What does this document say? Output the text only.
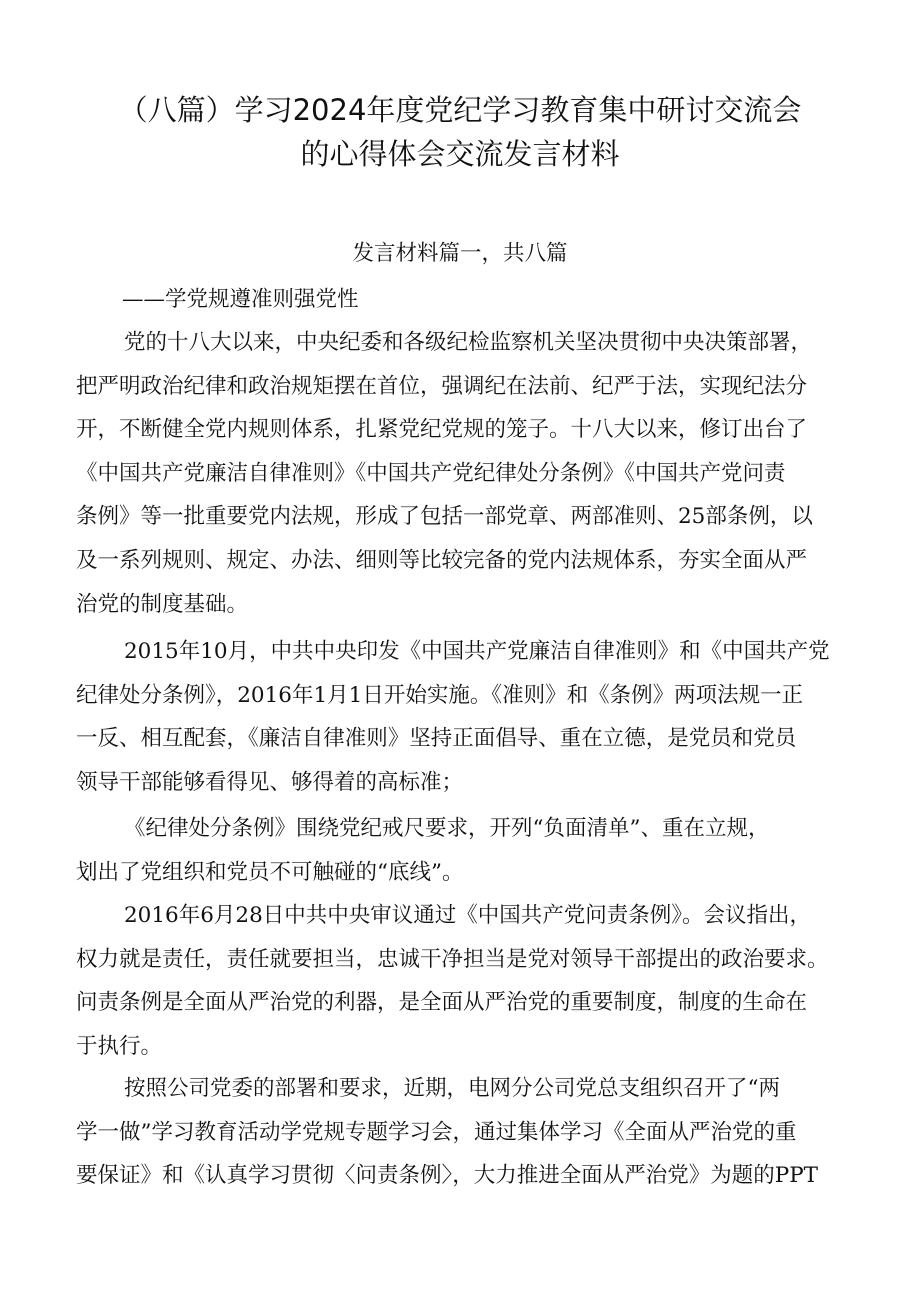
（八篇）学习2024年度党纪学习教育集中研讨交流会
的心得体会交流发言材料
发言材料篇一，共八篇
——学党规遵准则强党性
党的十八大以来，中央纪委和各级纪检监察机关坚决贯彻中央决策部署，
把严明政治纪律和政治规矩摆在首位，强调纪在法前、纪严于法，实现纪法分
开，不断健全党内规则体系，扎紧党纪党规的笼子。十八大以来，修订出台了
《中国共产党廉洁自律准则》《中国共产党纪律处分条例》《中国共产党问责
条例》等一批重要党内法规，形成了包括一部党章、两部准则、25部条例，以
及一系列规则、规定、办法、细则等比较完备的党内法规体系，夯实全面从严
治党的制度基础。
2015年10月，中共中央印发《中国共产党廉洁自律准则》和《中国共产党
纪律处分条例》，2016年1月1日开始实施。《准则》和《条例》两项法规一正
一反、相互配套，《廉洁自律准则》坚持正面倡导、重在立德，是党员和党员
领导干部能够看得见、够得着的高标准；
《纪律处分条例》围绕党纪戒尺要求，开列“负面清单”、重在立规，
划出了党组织和党员不可触碰的“底线”。
2016年6月28日中共中央审议通过《中国共产党问责条例》。会议指出，
权力就是责任，责任就要担当，忠诚干净担当是党对领导干部提出的政治要求。
问责条例是全面从严治党的利器，是全面从严治党的重要制度，制度的生命在
于执行。
按照公司党委的部署和要求，近期，电网分公司党总支组织召开了“两
学一做”学习教育活动学党规专题学习会，通过集体学习《全面从严治党的重
要保证》和《认真学习贯彻〈问责条例〉，大力推进全面从严治党》为题的PPT
